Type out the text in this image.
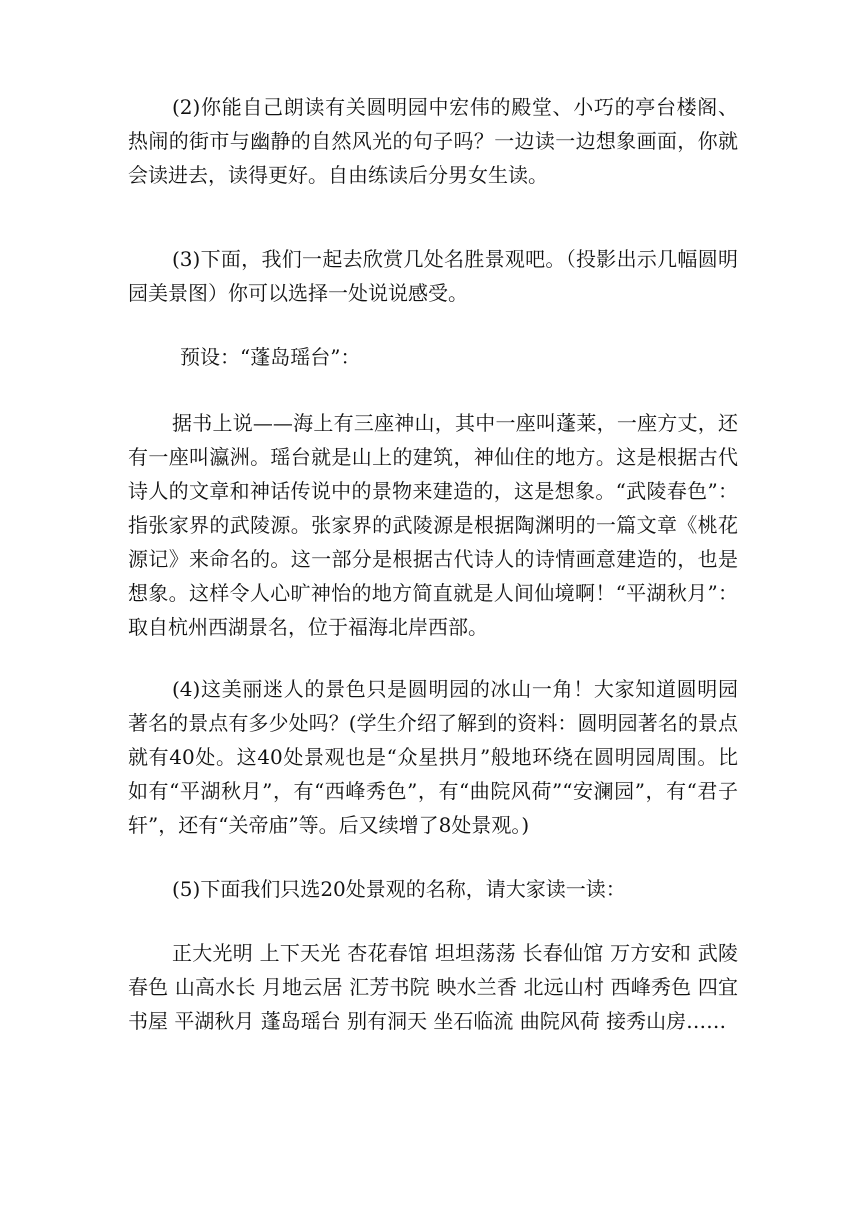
(2)你能自己朗读有关圆明园中宏伟的殿堂、小巧的亭台楼阁、热闹的街市与幽静的自然风光的句子吗？一边读一边想象画面，你就会读进去，读得更好。自由练读后分男女生读。

(3)下面，我们一起去欣赏几处名胜景观吧。（投影出示几幅圆明园美景图）你可以选择一处说说感受。

预设：“蓬岛瑶台”：

据书上说——海上有三座神山，其中一座叫蓬莱，一座方丈，还有一座叫瀛洲。瑶台就是山上的建筑，神仙住的地方。这是根据古代诗人的文章和神话传说中的景物来建造的，这是想象。“武陵春色”：指张家界的武陵源。张家界的武陵源是根据陶渊明的一篇文章《桃花源记》来命名的。这一部分是根据古代诗人的诗情画意建造的，也是想象。这样令人心旷神怡的地方简直就是人间仙境啊！“平湖秋月”：取自杭州西湖景名，位于福海北岸西部。

(4)这美丽迷人的景色只是圆明园的冰山一角！大家知道圆明园著名的景点有多少处吗？(学生介绍了解到的资料：圆明园著名的景点就有40处。这40处景观也是“众星拱月”般地环绕在圆明园周围。比如有“平湖秋月”，有“西峰秀色”，有“曲院风荷”“安澜园”，有“君子轩”，还有“关帝庙”等。后又续增了8处景观。)

(5)下面我们只选20处景观的名称，请大家读一读：

正大光明 上下天光 杏花春馆 坦坦荡荡 长春仙馆 万方安和 武陵春色 山高水长 月地云居 汇芳书院 映水兰香 北远山村 西峰秀色 四宜书屋 平湖秋月 蓬岛瑶台 别有洞天 坐石临流 曲院风荷 接秀山房……
